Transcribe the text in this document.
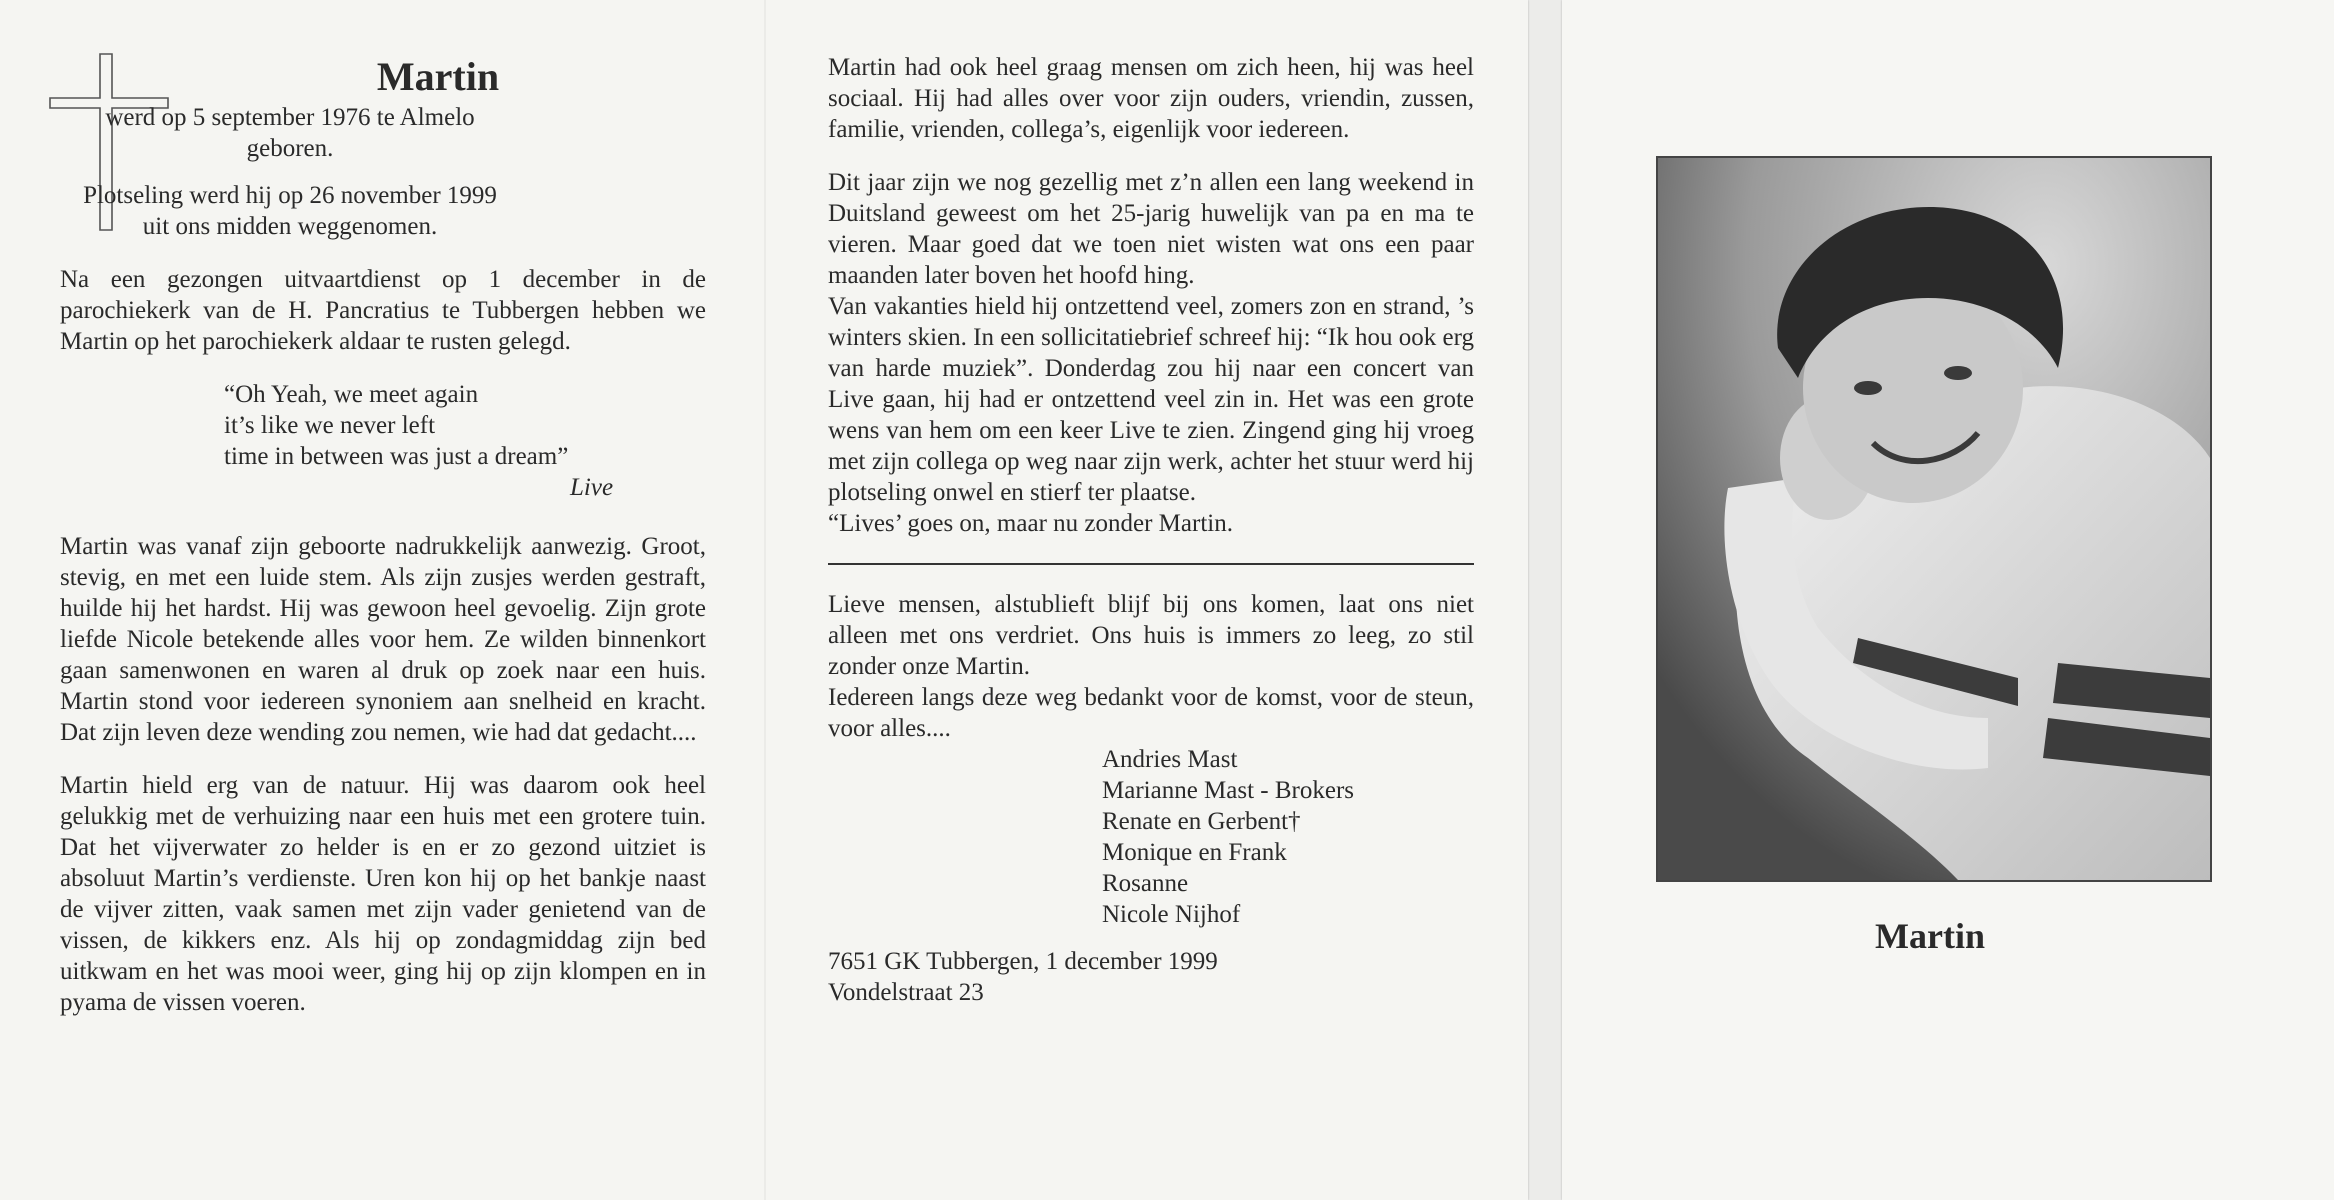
Martin

werd op 5 september 1976 te Almelo

geboren.

Plotseling werd hij op 26 november 1999

uit ons midden weggenomen.

Na een gezongen uitvaartdienst op 1 december in de parochiekerk van de H. Pancratius te Tubbergen hebben we Martin op het parochiekerk aldaar te rusten gelegd.

“Oh Yeah, we meet again
it’s like we never left
time in between was just a dream”

Live

Martin was vanaf zijn geboorte nadrukkelijk aanwezig. Groot, stevig, en met een luide stem. Als zijn zusjes werden gestraft, huilde hij het hardst. Hij was gewoon heel gevoelig. Zijn grote liefde Nicole betekende alles voor hem. Ze wilden binnenkort gaan samenwonen en waren al druk op zoek naar een huis. Martin stond voor iedereen synoniem aan snelheid en kracht. Dat zijn leven deze wending zou nemen, wie had dat gedacht....

Martin hield erg van de natuur. Hij was daarom ook heel gelukkig met de verhuizing naar een huis met een grotere tuin. Dat het vijverwater zo helder is en er zo gezond uitziet is absoluut Martin’s verdienste. Uren kon hij op het bankje naast de vijver zitten, vaak samen met zijn vader genietend van de vissen, de kikkers enz. Als hij op zondagmiddag zijn bed uitkwam en het was mooi weer, ging hij op zijn klompen en in pyama de vissen voeren.

Martin had ook heel graag mensen om zich heen, hij was heel sociaal. Hij had alles over voor zijn ouders, vriendin, zussen, familie, vrienden, collega’s, eigenlijk voor iedereen.

Dit jaar zijn we nog gezellig met z’n allen een lang weekend in Duitsland geweest om het 25-jarig huwelijk van pa en ma te vieren. Maar goed dat we toen niet wisten wat ons een paar maanden later boven het hoofd hing.

Van vakanties hield hij ontzettend veel, zomers zon en strand, ’s winters skien. In een sollicitatiebrief schreef hij: “Ik hou ook erg van harde muziek”. Donderdag zou hij naar een concert van Live gaan, hij had er ontzettend veel zin in. Het was een grote wens van hem om een keer Live te zien. Zingend ging hij vroeg met zijn collega op weg naar zijn werk, achter het stuur werd hij plotseling onwel en stierf ter plaatse.

“Lives’ goes on, maar nu zonder Martin.

Lieve mensen, alstublieft blijf bij ons komen, laat ons niet alleen met ons verdriet. Ons huis is immers zo leeg, zo stil zonder onze Martin.

Iedereen langs deze weg bedankt voor de komst, voor de steun, voor alles....

Andries Mast
Marianne Mast - Brokers
Renate en Gerbent†
Monique en Frank
Rosanne
Nicole Nijhof

7651 GK Tubbergen, 1 december 1999

Vondelstraat 23

Martin
